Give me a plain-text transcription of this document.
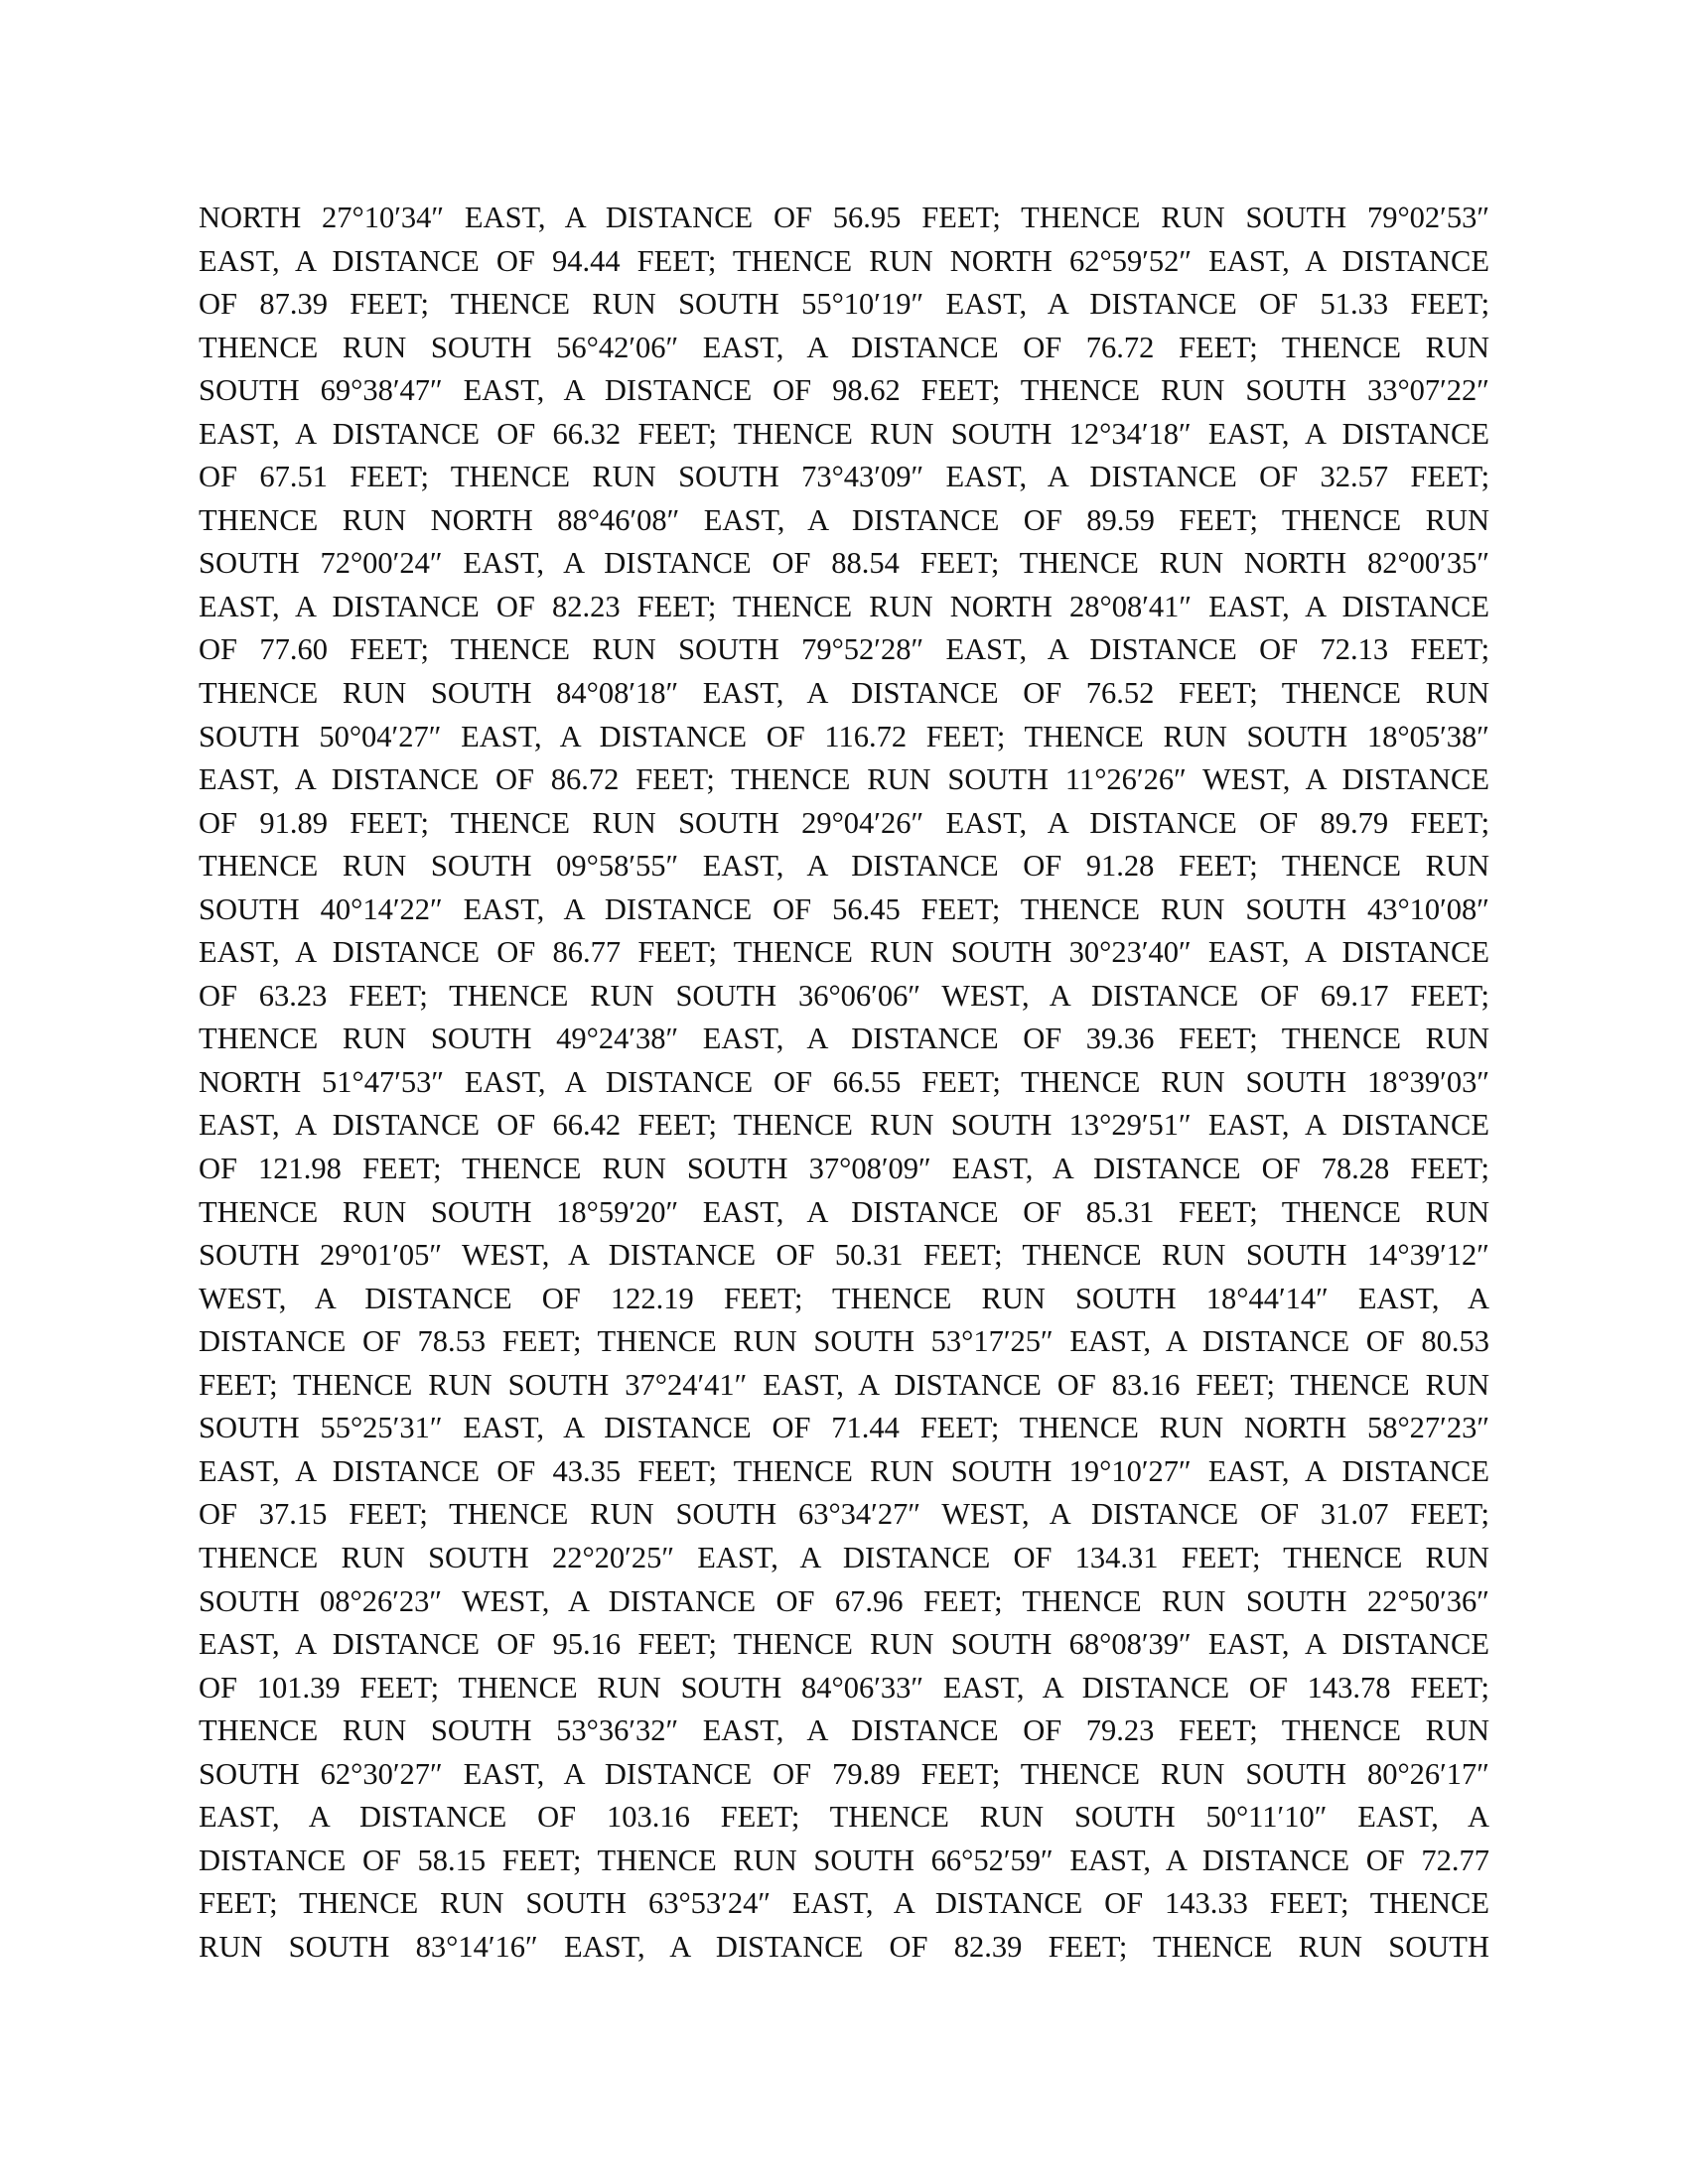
NORTH 27°10′34″ EAST, A DISTANCE OF 56.95 FEET; THENCE RUN SOUTH 79°02′53″
EAST, A DISTANCE OF 94.44 FEET; THENCE RUN NORTH 62°59′52″ EAST, A DISTANCE
OF 87.39 FEET; THENCE RUN SOUTH 55°10′19″ EAST, A DISTANCE OF 51.33 FEET;
THENCE RUN SOUTH 56°42′06″ EAST, A DISTANCE OF 76.72 FEET; THENCE RUN
SOUTH 69°38′47″ EAST, A DISTANCE OF 98.62 FEET; THENCE RUN SOUTH 33°07′22″
EAST, A DISTANCE OF 66.32 FEET; THENCE RUN SOUTH 12°34′18″ EAST, A DISTANCE
OF 67.51 FEET; THENCE RUN SOUTH 73°43′09″ EAST, A DISTANCE OF 32.57 FEET;
THENCE RUN NORTH 88°46′08″ EAST, A DISTANCE OF 89.59 FEET; THENCE RUN
SOUTH 72°00′24″ EAST, A DISTANCE OF 88.54 FEET; THENCE RUN NORTH 82°00′35″
EAST, A DISTANCE OF 82.23 FEET; THENCE RUN NORTH 28°08′41″ EAST, A DISTANCE
OF 77.60 FEET; THENCE RUN SOUTH 79°52′28″ EAST, A DISTANCE OF 72.13 FEET;
THENCE RUN SOUTH 84°08′18″ EAST, A DISTANCE OF 76.52 FEET; THENCE RUN
SOUTH 50°04′27″ EAST, A DISTANCE OF 116.72 FEET; THENCE RUN SOUTH 18°05′38″
EAST, A DISTANCE OF 86.72 FEET; THENCE RUN SOUTH 11°26′26″ WEST, A DISTANCE
OF 91.89 FEET; THENCE RUN SOUTH 29°04′26″ EAST, A DISTANCE OF 89.79 FEET;
THENCE RUN SOUTH 09°58′55″ EAST, A DISTANCE OF 91.28 FEET; THENCE RUN
SOUTH 40°14′22″ EAST, A DISTANCE OF 56.45 FEET; THENCE RUN SOUTH 43°10′08″
EAST, A DISTANCE OF 86.77 FEET; THENCE RUN SOUTH 30°23′40″ EAST, A DISTANCE
OF 63.23 FEET; THENCE RUN SOUTH 36°06′06″ WEST, A DISTANCE OF 69.17 FEET;
THENCE RUN SOUTH 49°24′38″ EAST, A DISTANCE OF 39.36 FEET; THENCE RUN
NORTH 51°47′53″ EAST, A DISTANCE OF 66.55 FEET; THENCE RUN SOUTH 18°39′03″
EAST, A DISTANCE OF 66.42 FEET; THENCE RUN SOUTH 13°29′51″ EAST, A DISTANCE
OF 121.98 FEET; THENCE RUN SOUTH 37°08′09″ EAST, A DISTANCE OF 78.28 FEET;
THENCE RUN SOUTH 18°59′20″ EAST, A DISTANCE OF 85.31 FEET; THENCE RUN
SOUTH 29°01′05″ WEST, A DISTANCE OF 50.31 FEET; THENCE RUN SOUTH 14°39′12″
WEST, A DISTANCE OF 122.19 FEET; THENCE RUN SOUTH 18°44′14″ EAST, A
DISTANCE OF 78.53 FEET; THENCE RUN SOUTH 53°17′25″ EAST, A DISTANCE OF 80.53
FEET; THENCE RUN SOUTH 37°24′41″ EAST, A DISTANCE OF 83.16 FEET; THENCE RUN
SOUTH 55°25′31″ EAST, A DISTANCE OF 71.44 FEET; THENCE RUN NORTH 58°27′23″
EAST, A DISTANCE OF 43.35 FEET; THENCE RUN SOUTH 19°10′27″ EAST, A DISTANCE
OF 37.15 FEET; THENCE RUN SOUTH 63°34′27″ WEST, A DISTANCE OF 31.07 FEET;
THENCE RUN SOUTH 22°20′25″ EAST, A DISTANCE OF 134.31 FEET; THENCE RUN
SOUTH 08°26′23″ WEST, A DISTANCE OF 67.96 FEET; THENCE RUN SOUTH 22°50′36″
EAST, A DISTANCE OF 95.16 FEET; THENCE RUN SOUTH 68°08′39″ EAST, A DISTANCE
OF 101.39 FEET; THENCE RUN SOUTH 84°06′33″ EAST, A DISTANCE OF 143.78 FEET;
THENCE RUN SOUTH 53°36′32″ EAST, A DISTANCE OF 79.23 FEET; THENCE RUN
SOUTH 62°30′27″ EAST, A DISTANCE OF 79.89 FEET; THENCE RUN SOUTH 80°26′17″
EAST, A DISTANCE OF 103.16 FEET; THENCE RUN SOUTH 50°11′10″ EAST, A
DISTANCE OF 58.15 FEET; THENCE RUN SOUTH 66°52′59″ EAST, A DISTANCE OF 72.77
FEET; THENCE RUN SOUTH 63°53′24″ EAST, A DISTANCE OF 143.33 FEET; THENCE
RUN SOUTH 83°14′16″ EAST, A DISTANCE OF 82.39 FEET; THENCE RUN SOUTH
